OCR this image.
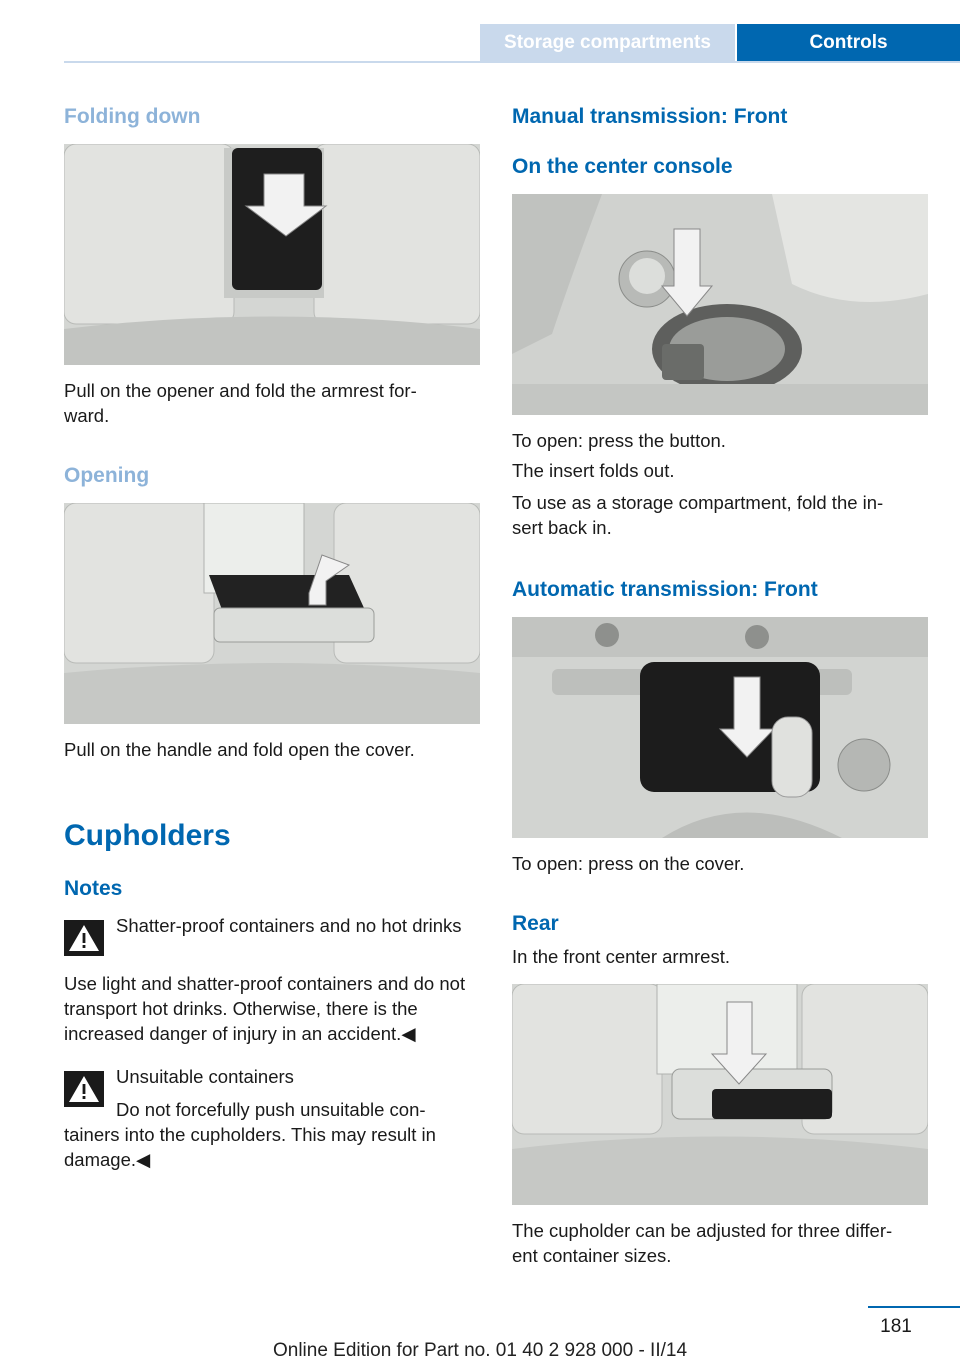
Storage compartments	Controls
Folding down
Pull on the opener and fold the armrest for-
ward.
Opening
Pull on the handle and fold open the cover.
Cupholders
Notes
Shatter-proof containers and no hot drinks
Use light and shatter-proof containers and do not transport hot drinks. Otherwise, there is the increased danger of injury in an accident.◀
Unsuitable containers
Do not forcefully push unsuitable con-
tainers into the cupholders. This may result in damage.◀
Manual transmission: Front
On the center console
To open: press the button.
The insert folds out.
To use as a storage compartment, fold the in-
sert back in.
Automatic transmission: Front
To open: press on the cover.
Rear
In the front center armrest.
The cupholder can be adjusted for three differ-
ent container sizes.
181
Online Edition for Part no. 01 40 2 928 000 - II/14
